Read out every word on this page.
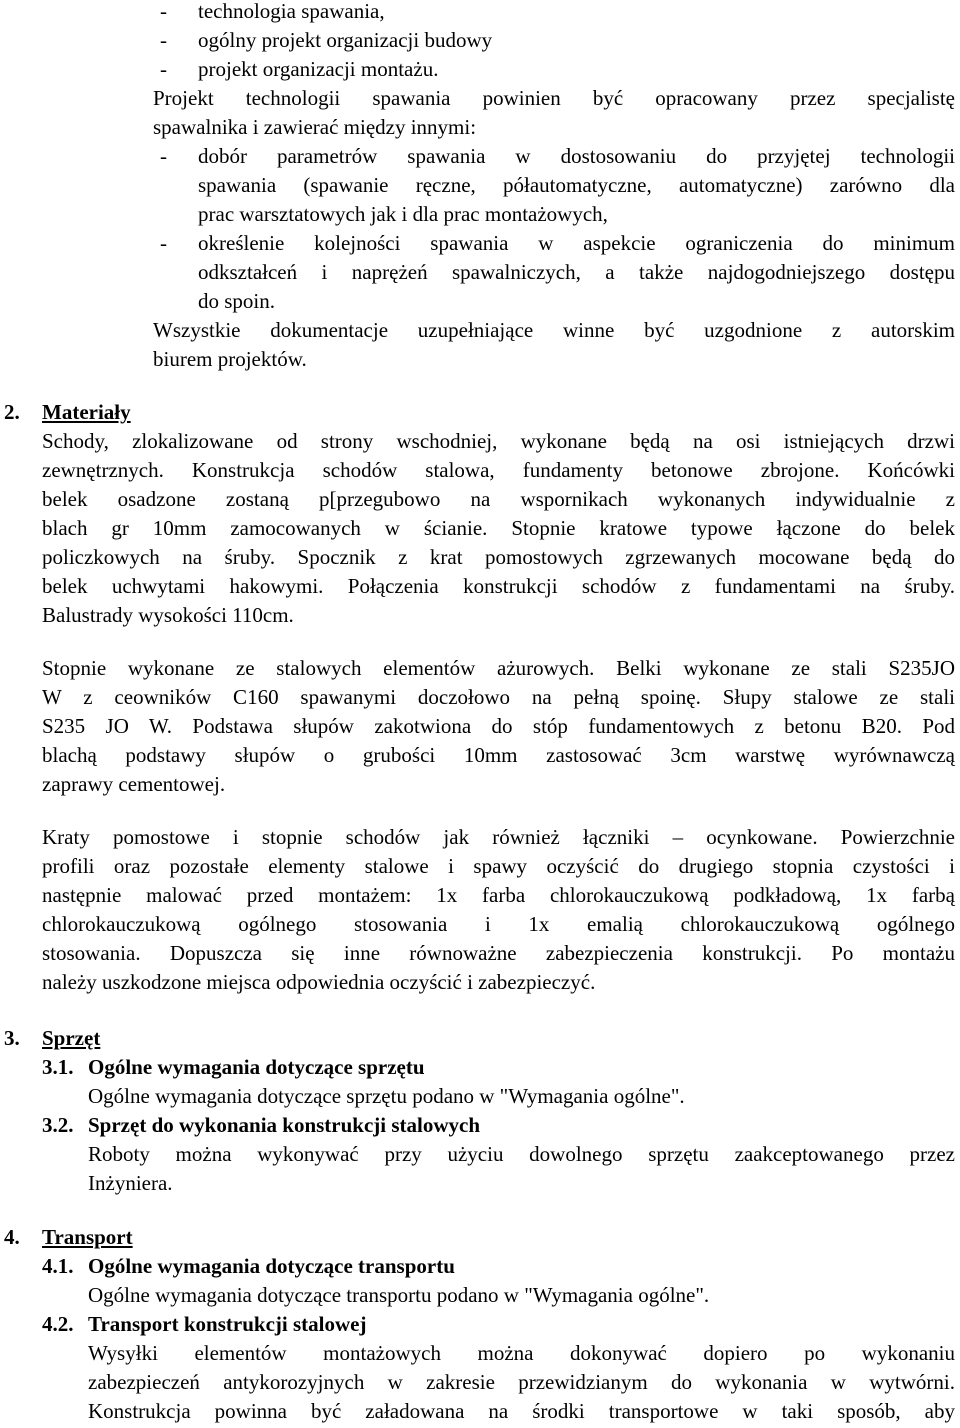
- technologia spawania,
- ogólny projekt organizacji budowy
- projekt organizacji montażu.
Projekt technologii spawania powinien być opracowany przez specjalistę
spawalnika i zawierać między innymi:
- dobór parametrów spawania w dostosowaniu do przyjętej technologii
spawania (spawanie ręczne, półautomatyczne, automatyczne) zarówno dla
prac warsztatowych jak i dla prac montażowych,
- określenie kolejności spawania w aspekcie ograniczenia do minimum
odkształceń i naprężeń spawalniczych, a także najdogodniejszego dostępu
do spoin.
Wszystkie dokumentacje uzupełniające winne być uzgodnione z autorskim
biurem projektów.
2. Materiały
Schody, zlokalizowane od strony wschodniej, wykonane będą na osi istniejących drzwi
zewnętrznych. Konstrukcja schodów stalowa, fundamenty betonowe zbrojone. Końcówki
belek osadzone zostaną p[przegubowo na wspornikach wykonanych indywidualnie z
blach gr 10mm zamocowanych w ścianie. Stopnie kratowe typowe łączone do belek
policzkowych na śruby. Spocznik z krat pomostowych zgrzewanych mocowane będą do
belek uchwytami hakowymi. Połączenia konstrukcji schodów z fundamentami na śruby.
Balustrady wysokości 110cm.
Stopnie wykonane ze stalowych elementów ażurowych. Belki wykonane ze stali S235JO
W z ceowników C160 spawanymi doczołowo na pełną spoinę. Słupy stalowe ze stali
S235 JO W. Podstawa słupów zakotwiona do stóp fundamentowych z betonu B20. Pod
blachą podstawy słupów o grubości 10mm zastosować 3cm warstwę wyrównawczą
zaprawy cementowej.
Kraty pomostowe i stopnie schodów jak również łączniki – ocynkowane. Powierzchnie
profili oraz pozostałe elementy stalowe i spawy oczyścić do drugiego stopnia czystości i
następnie malować przed montażem: 1x farba chlorokauczukową podkładową, 1x farbą
chlorokauczukową ogólnego stosowania i 1x emalią chlorokauczukową ogólnego
stosowania. Dopuszcza się inne równoważne zabezpieczenia konstrukcji. Po montażu
należy uszkodzone miejsca odpowiednia oczyścić i zabezpieczyć.
3. Sprzęt
3.1. Ogólne wymagania dotyczące sprzętu
Ogólne wymagania dotyczące sprzętu podano w "Wymagania ogólne".
3.2. Sprzęt do wykonania konstrukcji stalowych
Roboty można wykonywać przy użyciu dowolnego sprzętu zaakceptowanego przez
Inżyniera.
4. Transport
4.1. Ogólne wymagania dotyczące transportu
Ogólne wymagania dotyczące transportu podano w "Wymagania ogólne".
4.2. Transport konstrukcji stalowej
Wysyłki elementów montażowych można dokonywać dopiero po wykonaniu
zabezpieczeń antykorozyjnych w zakresie przewidzianym do wykonania w wytwórni.
Konstrukcja powinna być załadowana na środki transportowe w taki sposób, aby
